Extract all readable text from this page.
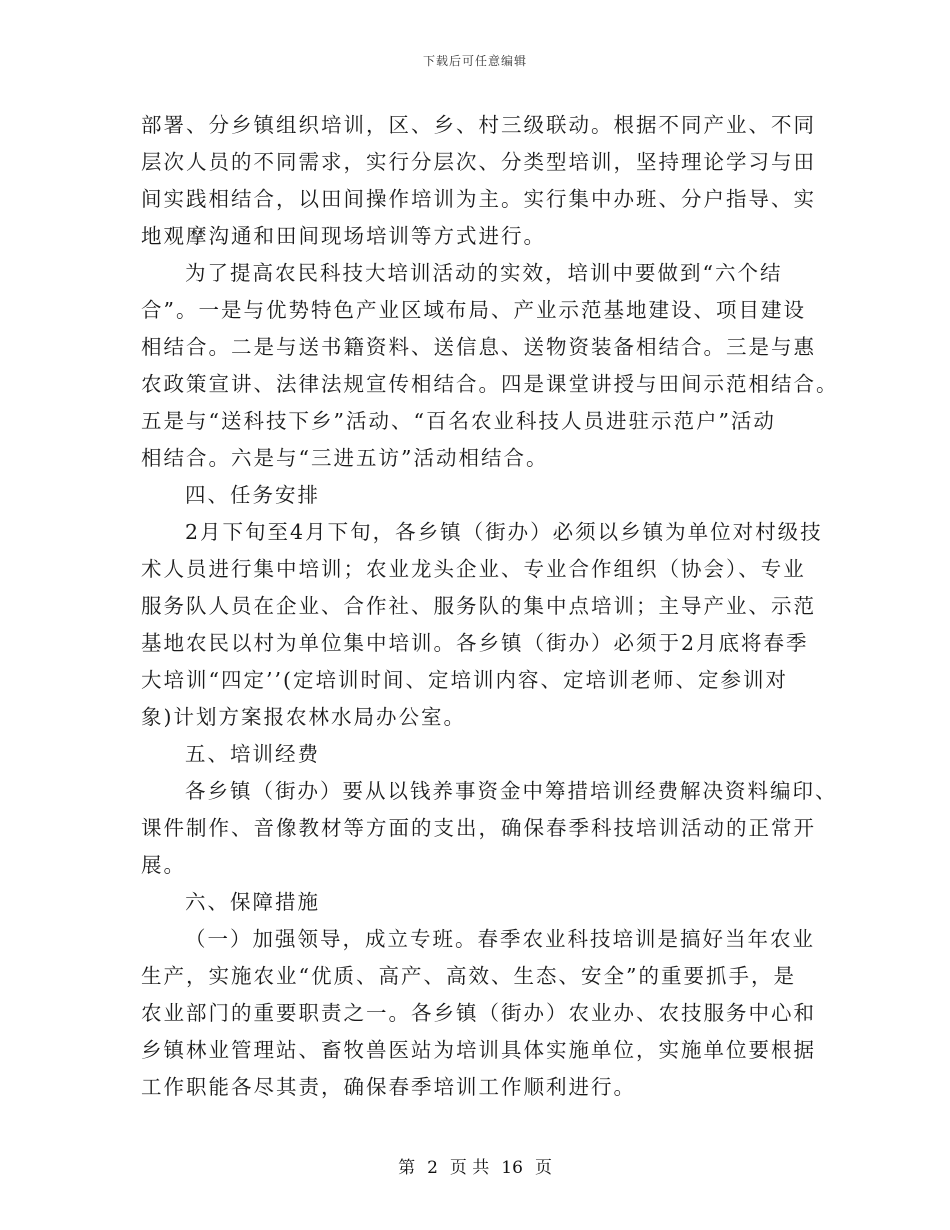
下载后可任意编辑
部署、分乡镇组织培训，区、乡、村三级联动。根据不同产业、不同
层次人员的不同需求，实行分层次、分类型培训，坚持理论学习与田
间实践相结合，以田间操作培训为主。实行集中办班、分户指导、实
地观摩沟通和田间现场培训等方式进行。
为了提高农民科技大培训活动的实效，培训中要做到“六个结
合”。一是与优势特色产业区域布局、产业示范基地建设、项目建设
相结合。二是与送书籍资料、送信息、送物资装备相结合。三是与惠
农政策宣讲、法律法规宣传相结合。四是课堂讲授与田间示范相结合。
五是与“送科技下乡”活动、“百名农业科技人员进驻示范户”活动
相结合。六是与“三进五访”活动相结合。
四、任务安排
2月下旬至4月下旬，各乡镇（街办）必须以乡镇为单位对村级技
术人员进行集中培训；农业龙头企业、专业合作组织（协会）、专业
服务队人员在企业、合作社、服务队的集中点培训；主导产业、示范
基地农民以村为单位集中培训。各乡镇（街办）必须于2月底将春季
大培训“四定’’(定培训时间、定培训内容、定培训老师、定参训对
象)计划方案报农林水局办公室。
五、培训经费
各乡镇（街办）要从以钱养事资金中筹措培训经费解决资料编印、
课件制作、音像教材等方面的支出，确保春季科技培训活动的正常开
展。
六、保障措施
（一）加强领导，成立专班。春季农业科技培训是搞好当年农业
生产，实施农业“优质、高产、高效、生态、安全”的重要抓手，是
农业部门的重要职责之一。各乡镇（街办）农业办、农技服务中心和
乡镇林业管理站、畜牧兽医站为培训具体实施单位，实施单位要根据
工作职能各尽其责，确保春季培训工作顺利进行。
第 2 页 共 16 页
